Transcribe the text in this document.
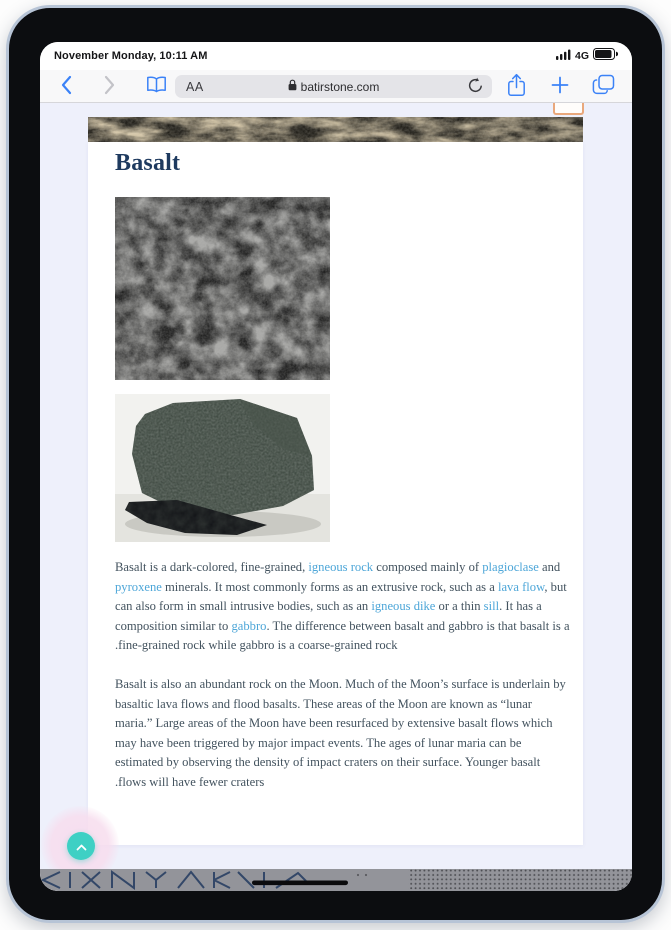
November Monday, 10:11 AM	4G
AA	batirstone.com
Basalt

Basalt is a dark-colored, fine-grained, igneous rock composed mainly of plagioclase and pyroxene minerals. It most commonly forms as an extrusive rock, such as a lava flow, but can also form in small intrusive bodies, such as an igneous dike or a thin sill. It has a composition similar to gabbro. The difference between basalt and gabbro is that basalt is a fine-grained rock while gabbro is a coarse-grained rock.

Basalt is also an abundant rock on the Moon. Much of the Moon’s surface is underlain by basaltic lava flows and flood basalts. These areas of the Moon are known as “lunar maria.” Large areas of the Moon have been resurfaced by extensive basalt flows which may have been triggered by major impact events. The ages of lunar maria can be estimated by observing the density of impact craters on their surface. Younger basalt flows will have fewer craters.
